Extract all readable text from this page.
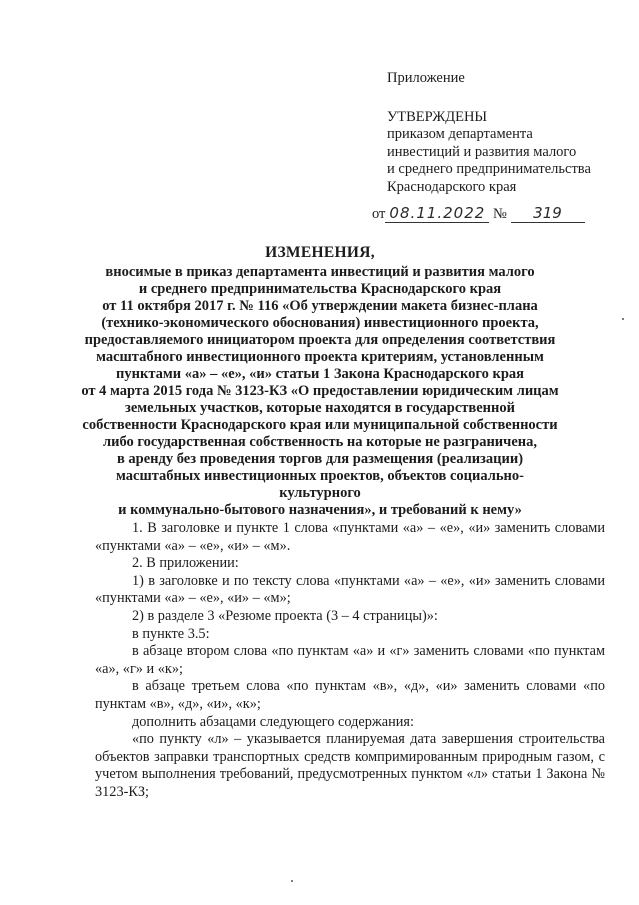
Приложение
УТВЕРЖДЕНЫ
приказом департамента
инвестиций и развития малого
и среднего предпринимательства
Краснодарского края
от 08.11.2022 № 319
ИЗМЕНЕНИЯ,
вносимые в приказ департамента инвестиций и развития малого
и среднего предпринимательства Краснодарского края
от 11 октября 2017 г. № 116 «Об утверждении макета бизнес-плана
(технико-экономического обоснования) инвестиционного проекта,
предоставляемого инициатором проекта для определения соответствия
масштабного инвестиционного проекта критериям, установленным
пунктами «а» – «е», «и» статьи 1 Закона Краснодарского края
от 4 марта 2015 года № 3123-КЗ «О предоставлении юридическим лицам
земельных участков, которые находятся в государственной
собственности Краснодарского края или муниципальной собственности
либо государственная собственность на которые не разграничена,
в аренду без проведения торгов для размещения (реализации)
масштабных инвестиционных проектов, объектов социально-культурного
и коммунально-бытового назначения», и требований к нему»

1. В заголовке и пункте 1 слова «пунктами «а» – «е», «и» заменить словами «пунктами «а» – «е», «и» – «м».

2. В приложении:

1) в заголовке и по тексту слова «пунктами «а» – «е», «и» заменить словами «пунктами «а» – «е», «и» – «м»;

2) в разделе 3 «Резюме проекта (3 – 4 страницы)»:

в пункте 3.5:

в абзаце втором слова «по пунктам «а» и «г» заменить словами «по пунктам «а», «г» и «к»;

в абзаце третьем слова «по пунктам «в», «д», «и» заменить словами «по пунктам «в», «д», «и», «к»;

дополнить абзацами следующего содержания:

«по пункту «л» – указывается планируемая дата завершения строительства объектов заправки транспортных средств компримированным природным газом, с учетом выполнения требований, предусмотренных пунктом «л» статьи 1 Закона № 3123-КЗ;
